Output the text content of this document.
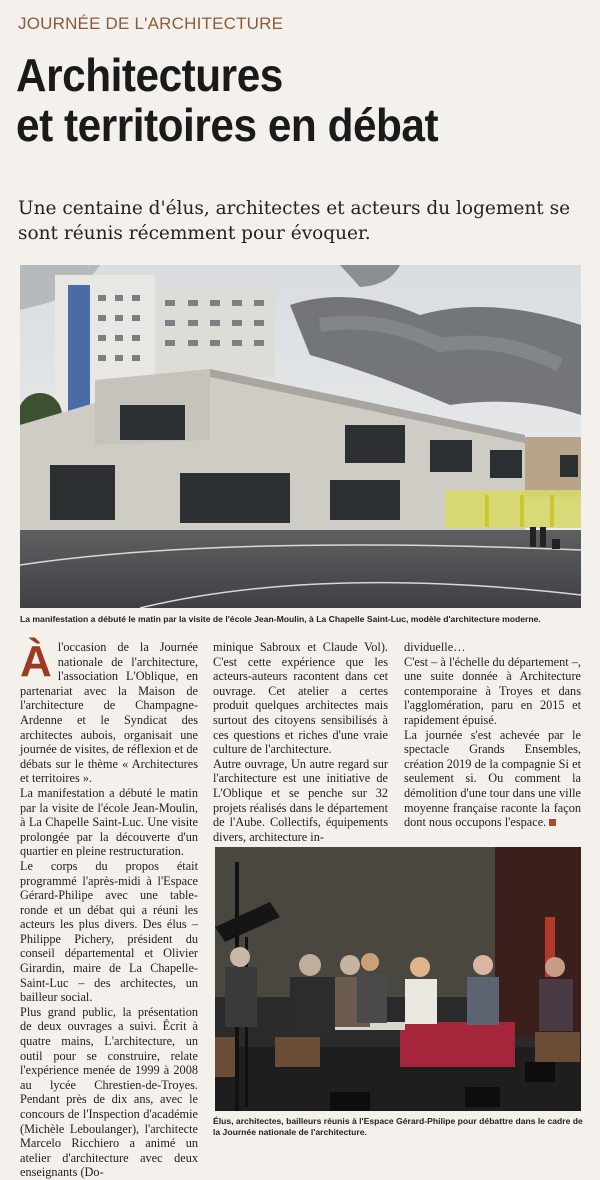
JOURNÉE DE L'ARCHITECTURE
Architectures
et territoires en débat
Une centaine d'élus, architectes et acteurs du logement se sont réunis récemment pour évoquer.
La manifestation a débuté le matin par la visite de l'école Jean-Moulin, à La Chapelle Saint-Luc, modèle d'architecture moderne.
À l'occasion de la Journée nationale de l'architecture, l'association L'Oblique, en partenariat avec la Maison de l'architecture de Champagne-Ardenne et le Syndicat des architectes aubois, organisait une journée de visites, de réflexion et de débats sur le thème « Architectures et territoires ».

La manifestation a débuté le matin par la visite de l'école Jean-Moulin, à La Chapelle Saint-Luc. Une visite prolongée par la découverte d'un quartier en pleine restructuration.

Le corps du propos était programmé l'après-midi à l'Espace Gérard-Philipe avec une table-ronde et un débat qui a réuni les acteurs les plus divers. Des élus – Philippe Pichery, président du conseil départemental et Olivier Girardin, maire de La Chapelle-Saint-Luc – des architectes, un bailleur social.

Plus grand public, la présentation de deux ouvrages a suivi. Écrit à quatre mains, L'architecture, un outil pour se construire, relate l'expérience menée de 1999 à 2008 au lycée Chrestien-de-Troyes. Pendant près de dix ans, avec le concours de l'Inspection d'académie (Michèle Leboulanger), l'architecte Marcelo Ricchiero a animé un atelier d'architecture avec deux enseignants (Do-

minique Sabroux et Claude Vol). C'est cette expérience que les acteurs-auteurs racontent dans cet ouvrage. Cet atelier a certes produit quelques architectes mais surtout des citoyens sensibilisés à ces questions et riches d'une vraie culture de l'architecture.

Autre ouvrage, Un autre regard sur l'architecture est une initiative de L'Oblique et se penche sur 32 projets réalisés dans le département de l'Aube. Collectifs, équipements divers, architecture in-

dividuelle…

C'est – à l'échelle du département –, une suite donnée à Architecture contemporaine à Troyes et dans l'agglomération, paru en 2015 et rapidement épuisé.

La journée s'est achevée par le spectacle Grands Ensembles, création 2019 de la compagnie Si et seulement si. Ou comment la démolition d'une tour dans une ville moyenne française raconte la façon dont nous occupons l'espace.

Élus, architectes, bailleurs réunis à l'Espace Gérard-Philipe pour débattre dans le cadre de la Journée nationale de l'architecture.
